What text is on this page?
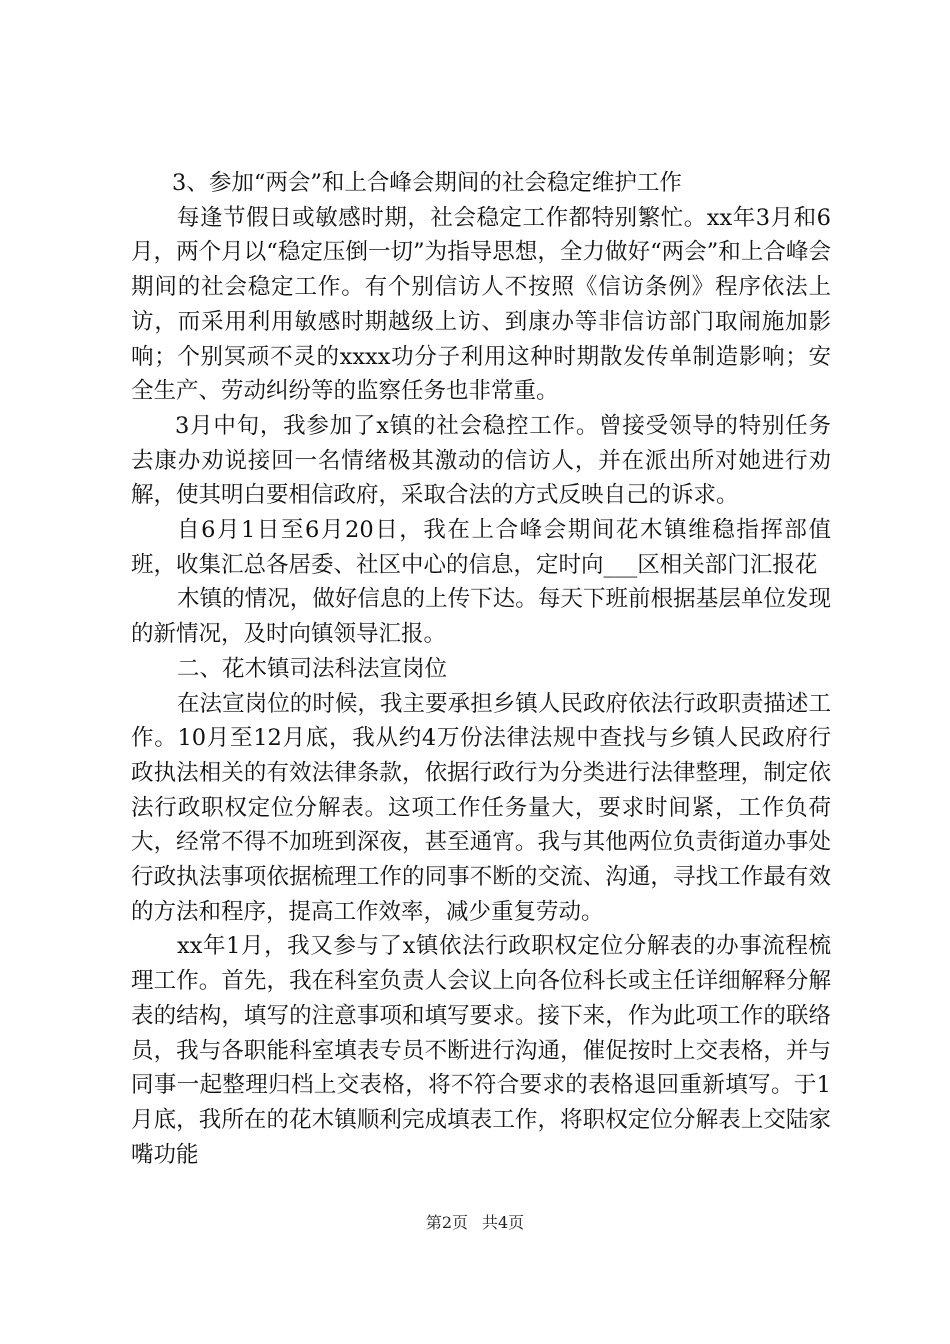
3、参加“两会”和上合峰会期间的社会稳定维护工作

每逢节假日或敏感时期，社会稳定工作都特别繁忙。xx年3月和6月，两个月以“稳定压倒一切”为指导思想，全力做好“两会”和上合峰会期间的社会稳定工作。有个别信访人不按照《信访条例》程序依法上访，而采用利用敏感时期越级上访、到康办等非信访部门取闹施加影响；个别冥顽不灵的xxxx功分子利用这种时期散发传单制造影响；安全生产、劳动纠纷等的监察任务也非常重。

3月中旬，我参加了x镇的社会稳控工作。曾接受领导的特别任务去康办劝说接回一名情绪极其激动的信访人，并在派出所对她进行劝解，使其明白要相信政府，采取合法的方式反映自己的诉求。

自6月1日至6月20日，我在上合峰会期间花木镇维稳指挥部值班，收集汇总各居委、社区中心的信息，定时向___区相关部门汇报花

木镇的情况，做好信息的上传下达。每天下班前根据基层单位发现的新情况，及时向镇领导汇报。

二、花木镇司法科法宣岗位

在法宣岗位的时候，我主要承担乡镇人民政府依法行政职责描述工作。10月至12月底，我从约4万份法律法规中查找与乡镇人民政府行政执法相关的有效法律条款，依据行政行为分类进行法律整理，制定依法行政职权定位分解表。这项工作任务量大，要求时间紧，工作负荷大，经常不得不加班到深夜，甚至通宵。我与其他两位负责街道办事处行政执法事项依据梳理工作的同事不断的交流、沟通，寻找工作最有效的方法和程序，提高工作效率，减少重复劳动。

xx年1月，我又参与了x镇依法行政职权定位分解表的办事流程梳理工作。首先，我在科室负责人会议上向各位科长或主任详细解释分解表的结构，填写的注意事项和填写要求。接下来，作为此项工作的联络员，我与各职能科室填表专员不断进行沟通，催促按时上交表格，并与同事一起整理归档上交表格，将不符合要求的表格退回重新填写。于1月底，我所在的花木镇顺利完成填表工作，将职权定位分解表上交陆家嘴功能

第2页 共4页
